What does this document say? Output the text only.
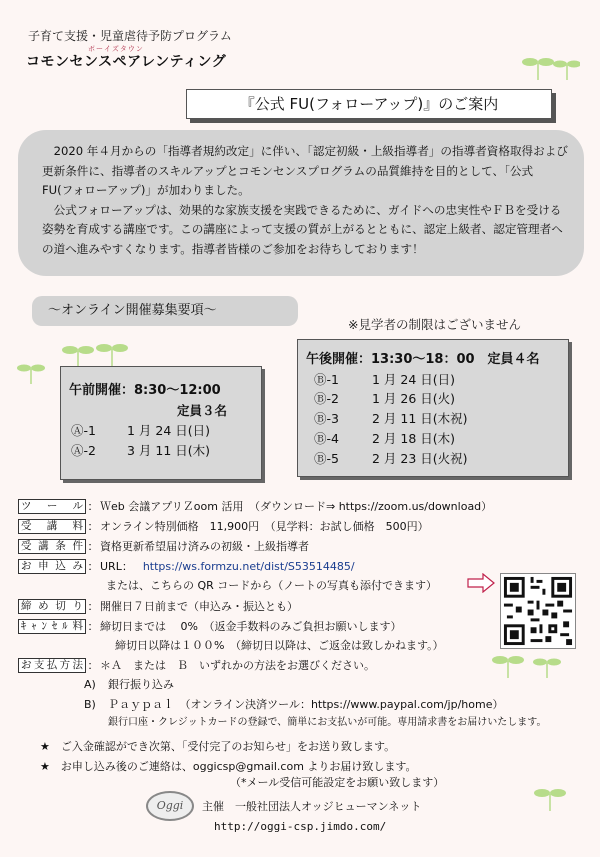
子育て支援・児童虐待予防プログラム
ボーイズタウン
コモンセンスペアレンティング
『公式 FU(フォローアップ)』のご案内

2020 年４月からの「指導者規約改定」に伴い、「認定初級・上級指導者」の指導者資格取得および更新条件に、指導者のスキルアップとコモンセンスプログラムの品質維持を目的として、「公式 FU(フォローアップ)」が加わりました。

公式フォローアップは、効果的な家族支援を実践できるために、ガイドへの忠実性やＦＢを受ける姿勢を育成する講座です。この講座によって支援の質が上がるとともに、認定上級者、認定管理者への道へ進みやすくなります。指導者皆様のご参加をお待ちしております！

～オンライン開催募集要項～
※見学者の制限はございません
午前開催：8:30～12:00
定員３名
Ⓐ-1	1 月 24 日(日)
Ⓐ-2	3 月 11 日(木)
午後開催：13:30～18：00　定員４名
Ⓑ-1	1 月 24 日(日)
Ⓑ-2	1 月 26 日(火)
Ⓑ-3	2 月 11 日(木祝)
Ⓑ-4	2 月 18 日(木)
Ⓑ-5	2 月 23 日(火祝)
ツール ： Ｗeb 会議アプリＺoom 活用　（ダウンロード⇒ https://zoom.us/download）
受講料 ： オンライン特別価格　11,900円　（見学料：お試し価格　500円）
受講条件 ： 資格更新希望届け済みの初級・上級指導者
お申込み ： URL： https://ws.formzu.net/dist/S53514485/
または、こちらの QR コードから（ノートの写真も添付できます）
締め切り ： 開催日７日前まで（申込み・振込とも）
ｷｬﾝｾﾙ料 ： 締切日までは　 0%　（返金手数料のみご負担お願いします）
締切日以降は１００%　（締切日以降は、ご返金は致しかねます。）
お支払方法 ： ＊Ａ　または　Ｂ　いずれかの方法をお選びください。
A)	銀行振り込み
B)	Ｐａｙｐａｌ　（オンライン決済ツール：https://www.paypal.com/jp/home）
銀行口座・クレジットカードの登録で、簡単にお支払いが可能。専用請求書をお届けいたします。
★　ご入金確認ができ次第、「受付完了のお知らせ」をお送り致します。
★　お申し込み後のご連絡は、oggicsp@gmail.com よりお届け致します。
（*メール受信可能設定をお願い致します）
Oggi	主催　一般社団法人オッジヒューマンネット
http://oggi-csp.jimdo.com/
